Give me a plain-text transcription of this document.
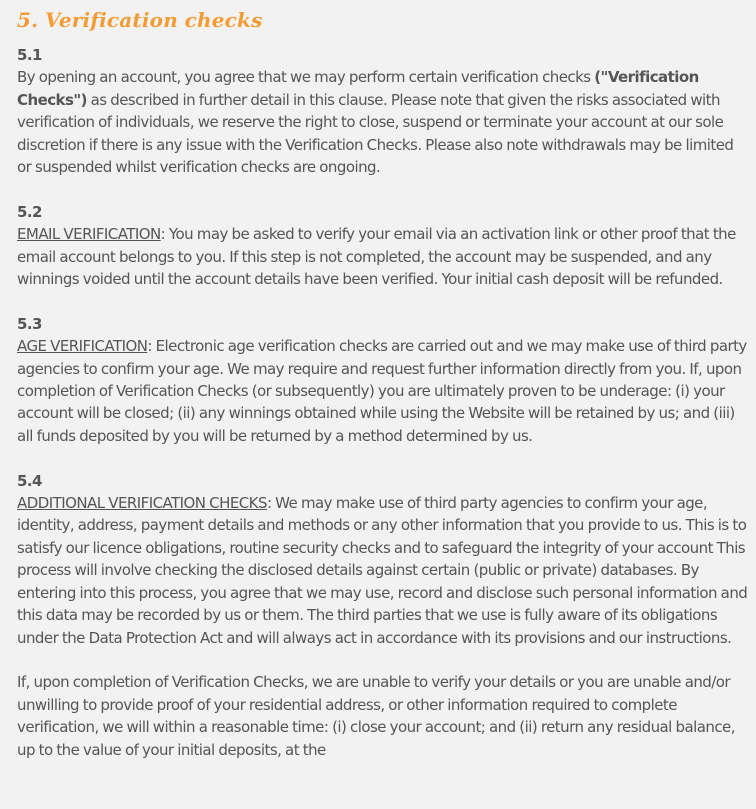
5. Verification checks
5.1
By opening an account, you agree that we may perform certain verification checks ("Verification Checks") as described in further detail in this clause. Please note that given the risks associated with verification of individuals, we reserve the right to close, suspend or terminate your account at our sole discretion if there is any issue with the Verification Checks. Please also note withdrawals may be limited or suspended whilst verification checks are ongoing.
5.2
EMAIL VERIFICATION: You may be asked to verify your email via an activation link or other proof that the email account belongs to you. If this step is not completed, the account may be suspended, and any winnings voided until the account details have been verified. Your initial cash deposit will be refunded.
5.3
AGE VERIFICATION: Electronic age verification checks are carried out and we may make use of third party agencies to confirm your age. We may require and request further information directly from you. If, upon completion of Verification Checks (or subsequently) you are ultimately proven to be underage: (i) your account will be closed; (ii) any winnings obtained while using the Website will be retained by us; and (iii) all funds deposited by you will be returned by a method determined by us.
5.4
ADDITIONAL VERIFICATION CHECKS: We may make use of third party agencies to confirm your age, identity, address, payment details and methods or any other information that you provide to us. This is to satisfy our licence obligations, routine security checks and to safeguard the integrity of your account This process will involve checking the disclosed details against certain (public or private) databases. By entering into this process, you agree that we may use, record and disclose such personal information and this data may be recorded by us or them. The third parties that we use is fully aware of its obligations under the Data Protection Act and will always act in accordance with its provisions and our instructions.
If, upon completion of Verification Checks, we are unable to verify your details or you are unable and/or unwilling to provide proof of your residential address, or other information required to complete verification, we will within a reasonable time: (i) close your account; and (ii) return any residual balance, up to the value of your initial deposits, at the
